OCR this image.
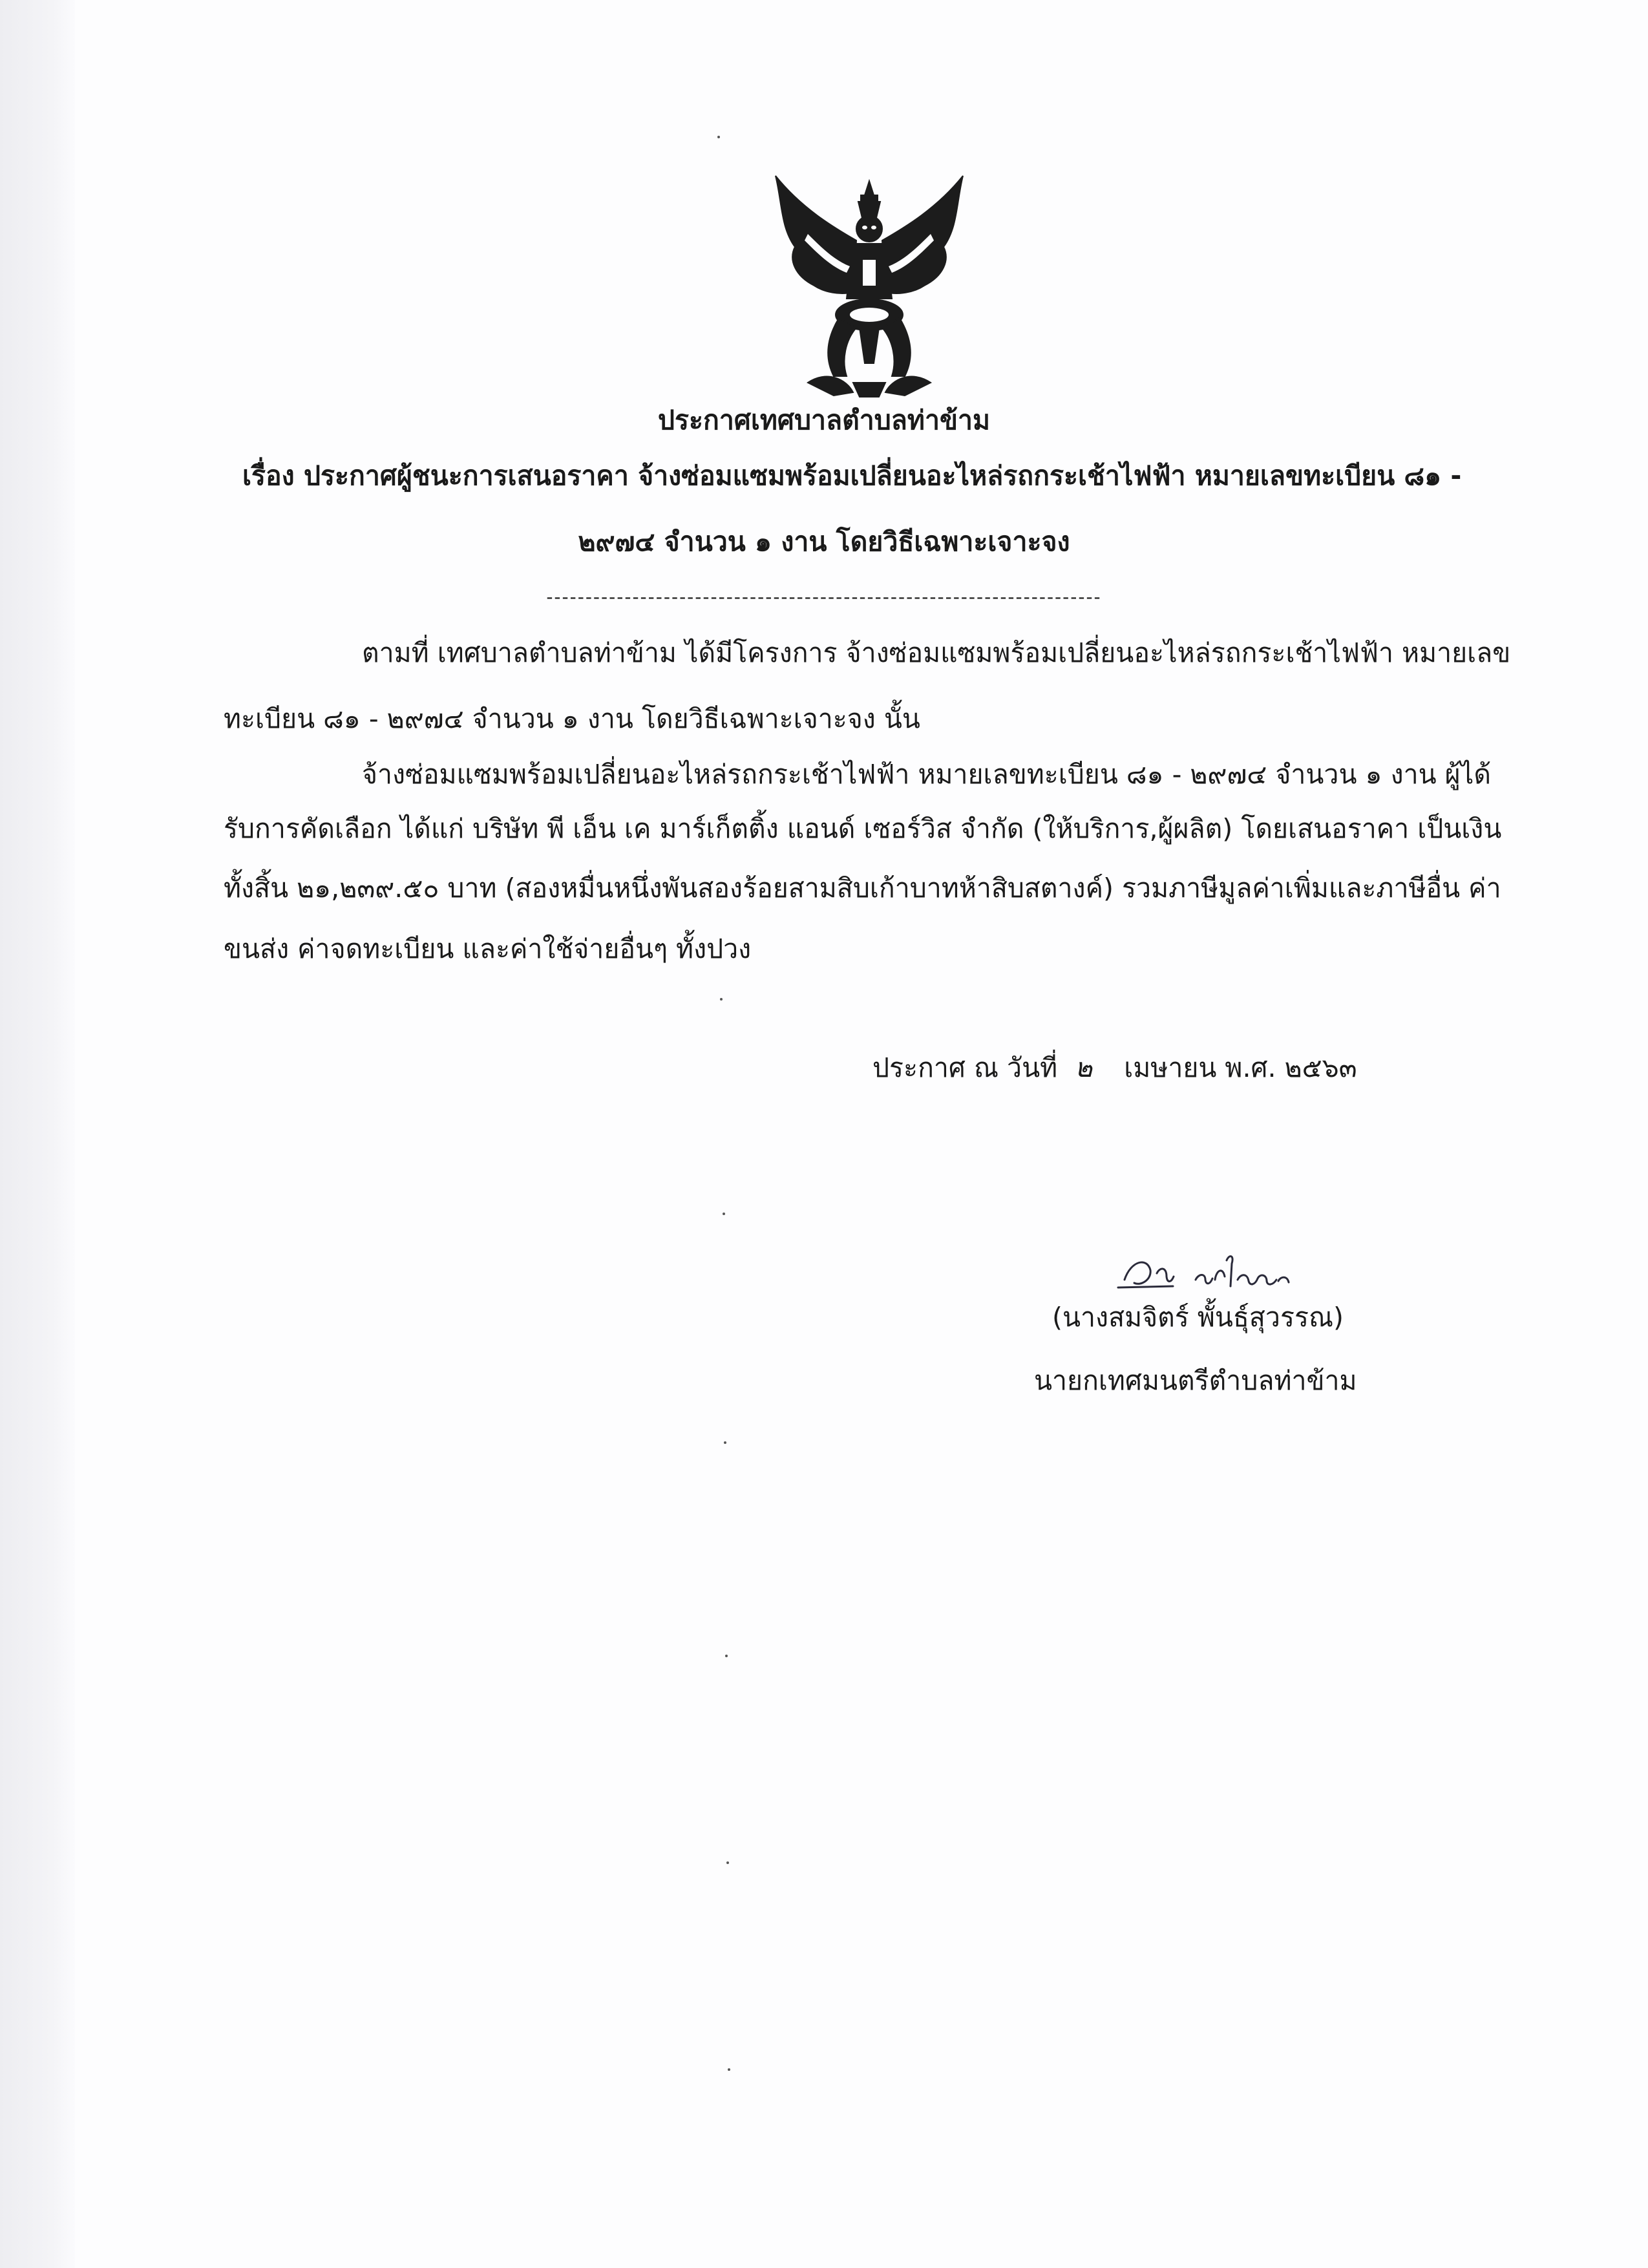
ประกาศเทศบาลตำบลท่าข้าม
เรื่อง ประกาศผู้ชนะการเสนอราคา จ้างซ่อมแซมพร้อมเปลี่ยนอะไหล่รถกระเช้าไฟฟ้า หมายเลขทะเบียน ๘๑ -
๒๙๗๔ จำนวน ๑ งาน โดยวิธีเฉพาะเจาะจง
-----------------------------------------------------------------------
ตามที่ เทศบาลตำบลท่าข้าม ได้มีโครงการ จ้างซ่อมแซมพร้อมเปลี่ยนอะไหล่รถกระเช้าไฟฟ้า หมายเลข
ทะเบียน ๘๑ - ๒๙๗๔ จำนวน ๑ งาน โดยวิธีเฉพาะเจาะจง นั้น
จ้างซ่อมแซมพร้อมเปลี่ยนอะไหล่รถกระเช้าไฟฟ้า หมายเลขทะเบียน ๘๑ - ๒๙๗๔ จำนวน ๑ งาน ผู้ได้
รับการคัดเลือก ได้แก่ บริษัท พี เอ็น เค มาร์เก็ตติ้ง แอนด์ เซอร์วิส จำกัด (ให้บริการ,ผู้ผลิต) โดยเสนอราคา เป็นเงิน
ทั้งสิ้น ๒๑,๒๓๙.๕๐ บาท (สองหมื่นหนึ่งพันสองร้อยสามสิบเก้าบาทห้าสิบสตางค์) รวมภาษีมูลค่าเพิ่มและภาษีอื่น ค่า
ขนส่ง ค่าจดทะเบียน และค่าใช้จ่ายอื่นๆ ทั้งปวง
ประกาศ ณ วันที่ ๒ เมษายน พ.ศ. ๒๕๖๓
(นางสมจิตร์ พั้นธุ์สุวรรณ)
นายกเทศมนตรีตำบลท่าข้าม
